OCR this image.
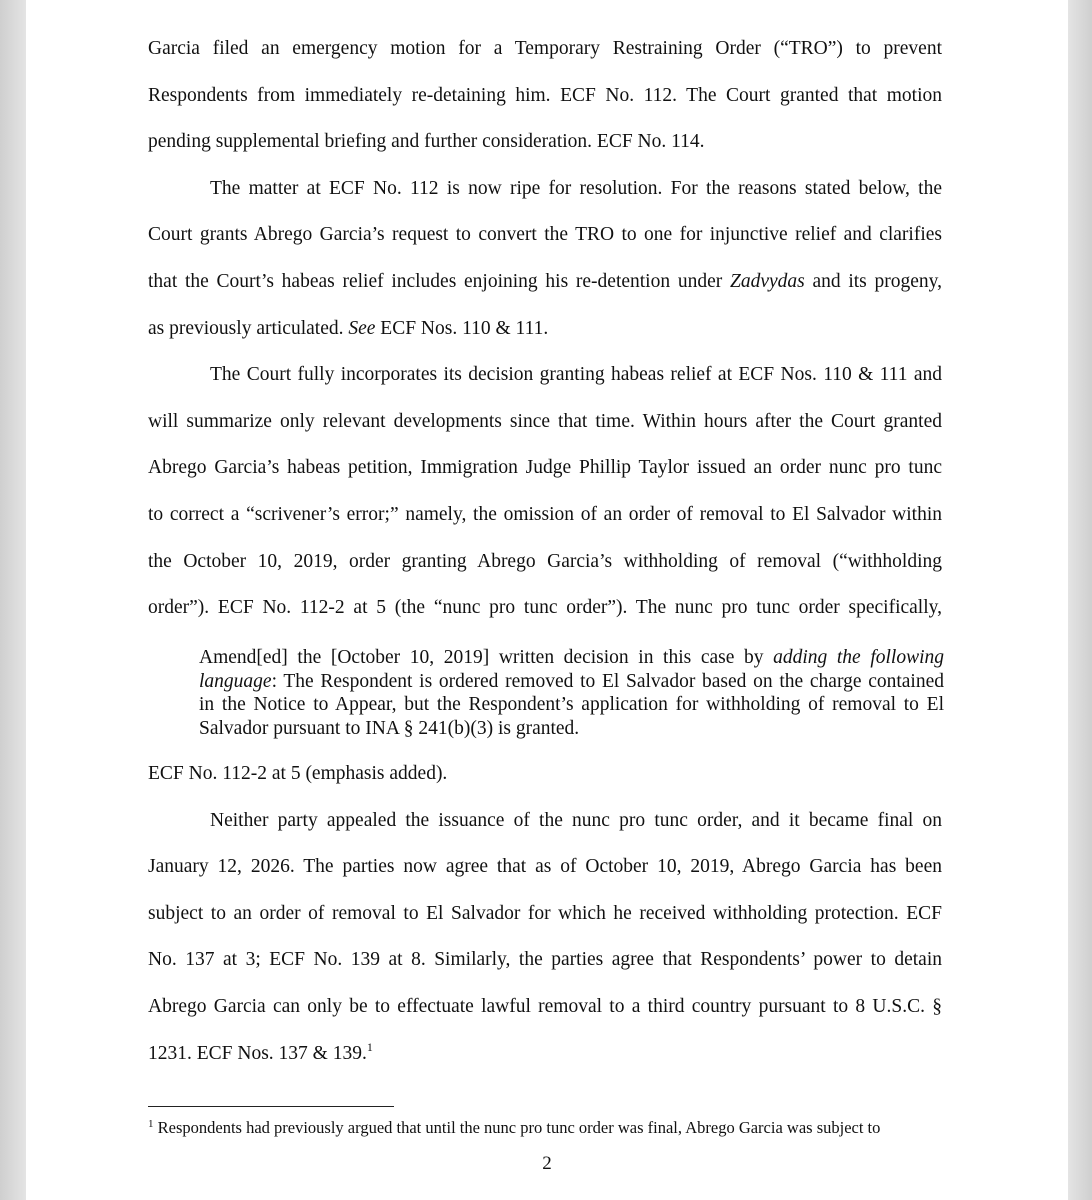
Garcia filed an emergency motion for a Temporary Restraining Order (“TRO”) to prevent
Respondents from immediately re-detaining him. ECF No. 112. The Court granted that motion
pending supplemental briefing and further consideration. ECF No. 114.
The matter at ECF No. 112 is now ripe for resolution. For the reasons stated below, the
Court grants Abrego Garcia’s request to convert the TRO to one for injunctive relief and clarifies
that the Court’s habeas relief includes enjoining his re-detention under Zadvydas and its progeny,
as previously articulated. See ECF Nos. 110 & 111.
The Court fully incorporates its decision granting habeas relief at ECF Nos. 110 & 111 and
will summarize only relevant developments since that time. Within hours after the Court granted
Abrego Garcia’s habeas petition, Immigration Judge Phillip Taylor issued an order nunc pro tunc
to correct a “scrivener’s error;” namely, the omission of an order of removal to El Salvador within
the October 10, 2019, order granting Abrego Garcia’s withholding of removal (“withholding
order”). ECF No. 112-2 at 5 (the “nunc pro tunc order”). The nunc pro tunc order specifically,
Amend[ed] the [October 10, 2019] written decision in this case by adding the following
language: The Respondent is ordered removed to El Salvador based on the charge contained
in the Notice to Appear, but the Respondent’s application for withholding of removal to El
Salvador pursuant to INA § 241(b)(3) is granted.
ECF No. 112-2 at 5 (emphasis added).
Neither party appealed the issuance of the nunc pro tunc order, and it became final on
January 12, 2026. The parties now agree that as of October 10, 2019, Abrego Garcia has been
subject to an order of removal to El Salvador for which he received withholding protection. ECF
No. 137 at 3; ECF No. 139 at 8. Similarly, the parties agree that Respondents’ power to detain
Abrego Garcia can only be to effectuate lawful removal to a third country pursuant to 8 U.S.C. §
1231. ECF Nos. 137 & 139.$^1$
$^1$ Respondents had previously argued that until the nunc pro tunc order was final, Abrego Garcia was subject to
2
